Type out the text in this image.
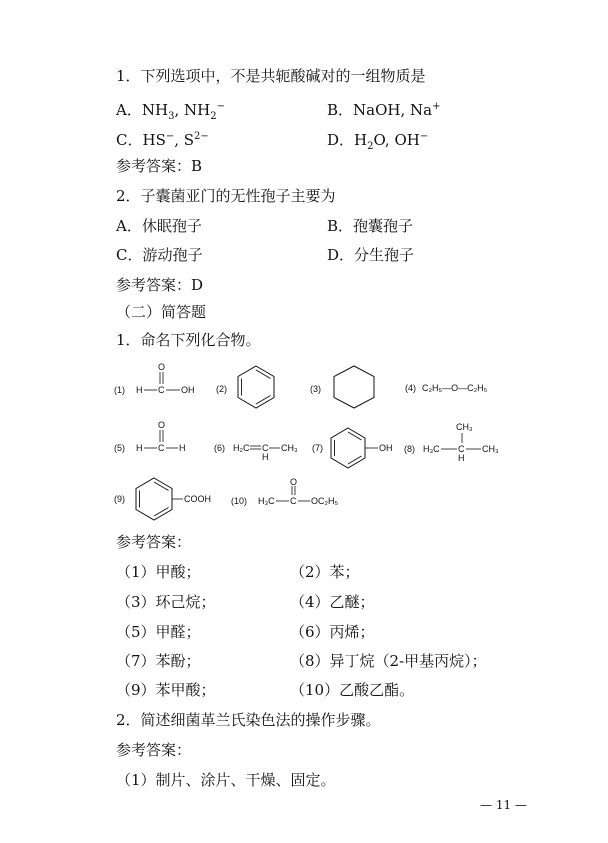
1．下列选项中，不是共轭酸碱对的一组物质是
A．$NH_3$, $NH_2^-$	B．NaOH, Na+
C．HS−, $S^{2-}$	D．$H_2O$, OH−
参考答案：B
2．子囊菌亚门的无性孢子主要为
A．休眠孢子	B．孢囊孢子
C．游动孢子	D．分生孢子
参考答案：D
（二）简答题
1．命名下列化合物。
(1) H C
O
OH (2)	(3)	(4) C₂H₅—O—C₂H₅
(5) H C
O
H	(6) H₂C C
H
CH₃ (7)	OH (8)
CH₃
H₃C C
H
CH₃
(9)	COOH (10) H₃C C
O
OC₂H₅
参考答案：
（1）甲酸；	（2）苯；
（3）环己烷；	（4）乙醚；
（5）甲醛；	（6）丙烯；
（7）苯酚；	（8）异丁烷（2-甲基丙烷）；
（9）苯甲酸；	（10）乙酸乙酯。
2．简述细菌革兰氏染色法的操作步骤。
参考答案：
（1）制片、涂片、干燥、固定。
— 11 —
